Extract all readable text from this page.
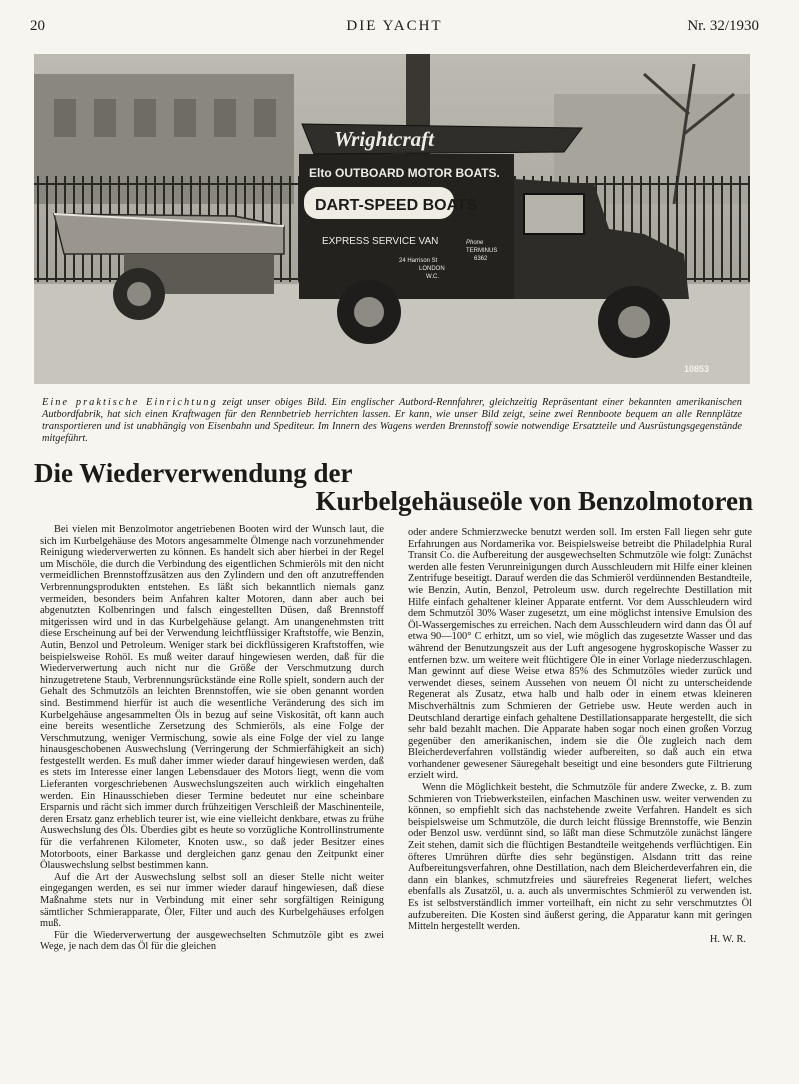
20	DIE YACHT	Nr. 32/1930
Wrightcraft
Elto OUTBOARD MOTOR BOATS.
DART-SPEED BOATS
EXPRESS SERVICE VAN
24 Harrison St
LONDON
W.C.
Phone
TERMINUS
6362
10853
Eine praktische Einrichtung zeigt unser obiges Bild. Ein englischer Autbord-Rennfahrer, gleichzeitig Repräsentant einer bekannten amerikanischen Autbordfabrik, hat sich einen Kraftwagen für den Rennbetrieb herrichten lassen. Er kann, wie unser Bild zeigt, seine zwei Rennboote bequem an alle Rennplätze transportieren und ist unabhängig von Eisenbahn und Spediteur. Im Innern des Wagens werden Brennstoff sowie notwendige Ersatzteile und Ausrüstungsgegenstände mitgeführt.
Die Wiederverwendung der
Kurbelgehäuseöle von Benzolmotoren

Bei vielen mit Benzolmotor angetriebenen Booten wird der Wunsch laut, die sich im Kurbelgehäuse des Motors angesammelte Ölmenge nach vorzunehmender Reinigung wiederverwerten zu können. Es handelt sich aber hierbei in der Regel um Mischöle, die durch die Verbindung des eigentlichen Schmieröls mit den nicht vermeidlichen Brennstoffzusätzen aus den Zylindern und den oft anzutreffenden Verbrennungsprodukten entstehen. Es läßt sich bekanntlich niemals ganz vermeiden, besonders beim Anfahren kalter Motoren, dann aber auch bei abgenutzten Kolbenringen und falsch eingestellten Düsen, daß Brennstoff mitgerissen wird und in das Kurbelgehäuse gelangt. Am unangenehmsten tritt diese Erscheinung auf bei der Verwendung leichtflüssiger Kraftstoffe, wie Benzin, Autin, Benzol und Petroleum. Weniger stark bei dickflüssigeren Kraftstoffen, wie beispielsweise Rohöl. Es muß weiter darauf hingewiesen werden, daß für die Wiederverwertung auch nicht nur die Größe der Verschmutzung durch hinzugetretene Staub, Verbrennungsrückstände eine Rolle spielt, sondern auch der Gehalt des Schmutzöls an leichten Brennstoffen, wie sie oben genannt worden sind. Bestimmend hierfür ist auch die wesentliche Veränderung des sich im Kurbelgehäuse angesammelten Öls in bezug auf seine Viskosität, oft kann auch eine bereits wesentliche Zersetzung des Schmieröls, als eine Folge der Verschmutzung, weniger Vermischung, sowie als eine Folge der viel zu lange hinausgeschobenen Auswechslung (Verringerung der Schmierfähigkeit an sich) festgestellt werden. Es muß daher immer wieder darauf hingewiesen werden, daß es stets im Interesse einer langen Lebensdauer des Motors liegt, wenn die vom Lieferanten vorgeschriebenen Auswechslungszeiten auch wirklich eingehalten werden. Ein Hinausschieben dieser Termine bedeutet nur eine scheinbare Ersparnis und rächt sich immer durch frühzeitigen Verschleiß der Maschinenteile, deren Ersatz ganz erheblich teurer ist, wie eine vielleicht denkbare, etwas zu frühe Auswechslung des Öls. Überdies gibt es heute so vorzügliche Kontrollinstrumente für die verfahrenen Kilometer, Knoten usw., so daß jeder Besitzer eines Motorboots, einer Barkasse und dergleichen ganz genau den Zeitpunkt einer Ölauswechslung selbst bestimmen kann.

Auf die Art der Auswechslung selbst soll an dieser Stelle nicht weiter eingegangen werden, es sei nur immer wieder darauf hingewiesen, daß diese Maßnahme stets nur in Verbindung mit einer sehr sorgfältigen Reinigung sämtlicher Schmierapparate, Öler, Filter und auch des Kurbelgehäuses erfolgen muß.

Für die Wiederverwertung der ausgewechselten Schmutzöle gibt es zwei Wege, je nach dem das Öl für die gleichen

oder andere Schmierzwecke benutzt werden soll. Im ersten Fall liegen sehr gute Erfahrungen aus Nordamerika vor. Beispielsweise betreibt die Philadelphia Rural Transit Co. die Aufbereitung der ausgewechselten Schmutzöle wie folgt: Zunächst werden alle festen Verunreinigungen durch Ausschleudern mit Hilfe einer kleinen Zentrifuge beseitigt. Darauf werden die das Schmieröl verdünnenden Bestandteile, wie Benzin, Autin, Benzol, Petroleum usw. durch regelrechte Destillation mit Hilfe einfach gehaltener kleiner Apparate entfernt. Vor dem Ausschleudern wird dem Schmutzöl 30% Waser zugesetzt, um eine möglichst intensive Emulsion des Öl-Wassergemisches zu erreichen. Nach dem Ausschleudern wird dann das Öl auf etwa 90—100° C erhitzt, um so viel, wie möglich das zugesetzte Wasser und das während der Benutzungszeit aus der Luft angesogene hygroskopische Wasser zu entfernen bzw. um weitere weit flüchtigere Öle in einer Vorlage niederzuschlagen. Man gewinnt auf diese Weise etwa 85% des Schmutzöles wieder zurück und verwendet dieses, seinem Aussehen von neuem Öl nicht zu unterscheidende Regenerat als Zusatz, etwa halb und halb oder in einem etwas kleineren Mischverhältnis zum Schmieren der Getriebe usw. Heute werden auch in Deutschland derartige einfach gehaltene Destillationsapparate hergestellt, die sich sehr bald bezahlt machen. Die Apparate haben sogar noch einen großen Vorzug gegenüber den amerikanischen, indem sie die Öle zugleich nach dem Bleicherdeverfahren vollständig wieder aufbereiten, so daß auch ein etwa vorhandener gewesener Säuregehalt beseitigt und eine besonders gute Filtrierung erzielt wird.

Wenn die Möglichkeit besteht, die Schmutzöle für andere Zwecke, z. B. zum Schmieren von Triebwerksteilen, einfachen Maschinen usw. weiter verwenden zu können, so empfiehlt sich das nachstehende zweite Verfahren. Handelt es sich beispielsweise um Schmutzöle, die durch leicht flüssige Brennstoffe, wie Benzin oder Benzol usw. verdünnt sind, so läßt man diese Schmutzöle zunächst längere Zeit stehen, damit sich die flüchtigen Bestandteile weitgehends verflüchtigen. Ein öfteres Umrühren dürfte dies sehr begünstigen. Alsdann tritt das reine Aufbereitungsverfahren, ohne Destillation, nach dem Bleicherdeverfahren ein, die dann ein blankes, schmutzfreies und säurefreies Regenerat liefert, welches ebenfalls als Zusatzöl, u. a. auch als unvermischtes Schmieröl zu verwenden ist. Es ist selbstverständlich immer vorteilhaft, ein nicht zu sehr verschmutztes Öl aufzubereiten. Die Kosten sind äußerst gering, die Apparatur kann mit geringen Mitteln hergestellt werden.

H. W. R.
